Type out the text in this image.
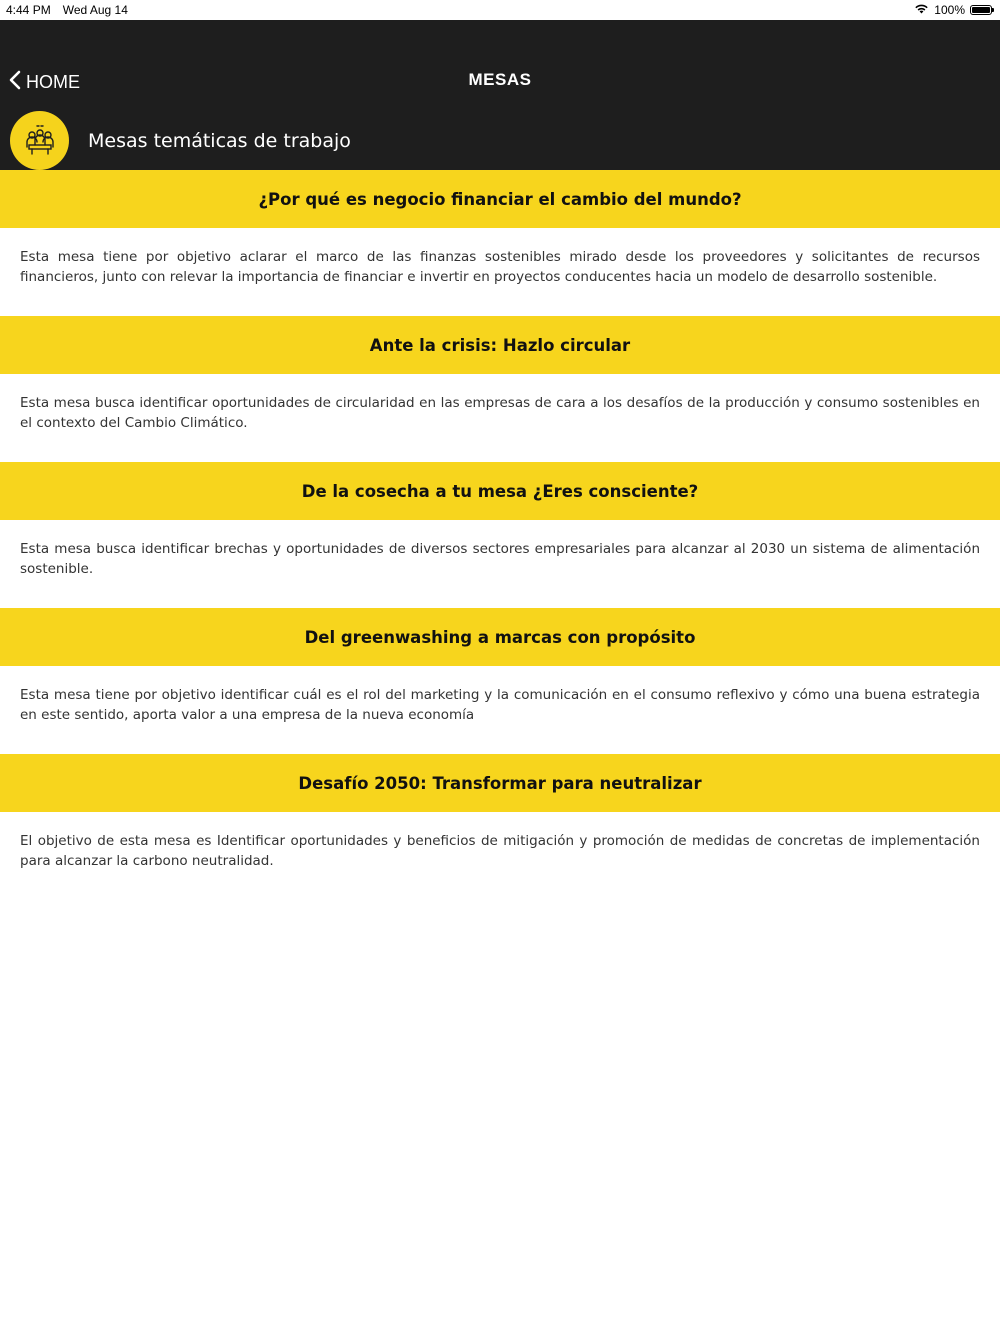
4:44 PM Wed Aug 14	100%
HOME	MESAS
Mesas temáticas de trabajo
¿Por qué es negocio financiar el cambio del mundo?
Esta mesa tiene por objetivo aclarar el marco de las finanzas sostenibles mirado desde los proveedores y solicitantes de recursos financieros, junto con relevar la importancia de financiar e invertir en proyectos conducentes hacia un modelo de desarrollo sostenible.
Ante la crisis: Hazlo circular
Esta mesa busca identificar oportunidades de circularidad en las empresas de cara a los desafíos de la producción y consumo sostenibles en el contexto del Cambio Climático.
De la cosecha a tu mesa ¿Eres consciente?
Esta mesa busca identificar brechas y oportunidades de diversos sectores empresariales para alcanzar al 2030 un sistema de alimentación sostenible.
Del greenwashing a marcas con propósito
Esta mesa tiene por objetivo identificar cuál es el rol del marketing y la comunicación en el consumo reflexivo y cómo una buena estrategia en este sentido, aporta valor a una empresa de la nueva economía
Desafío 2050: Transformar para neutralizar
El objetivo de esta mesa es Identificar oportunidades y beneficios de mitigación y promoción de medidas de concretas de implementación para alcanzar la carbono neutralidad.
